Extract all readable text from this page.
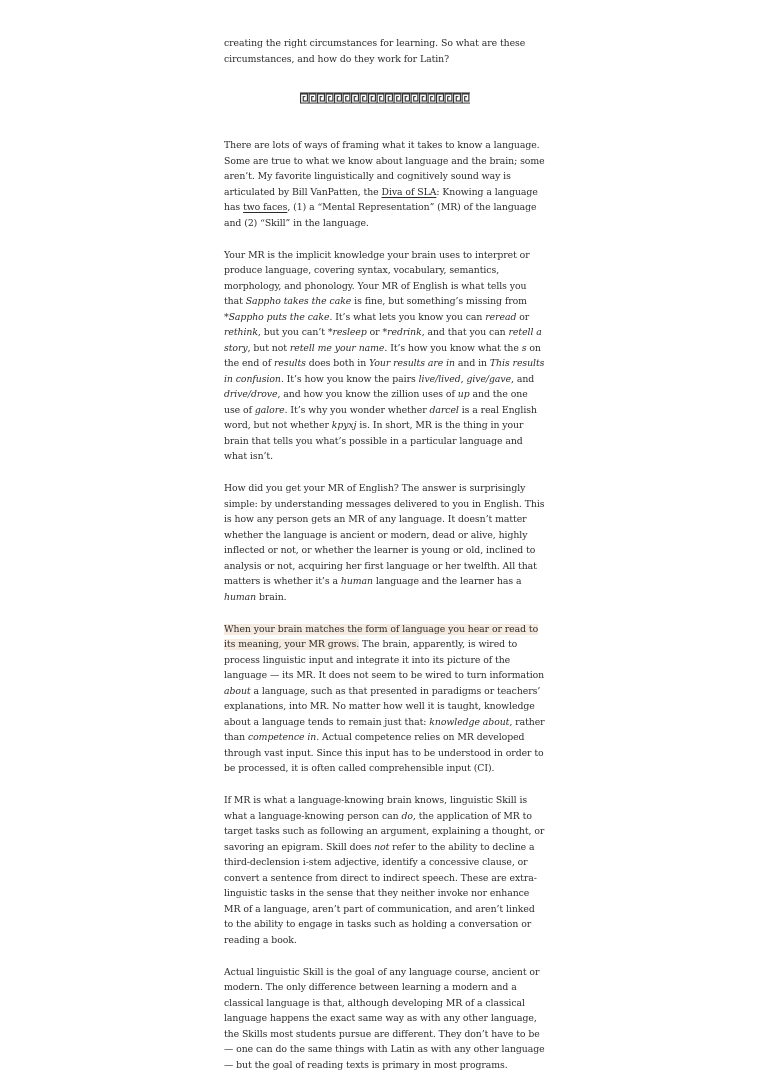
creating the right circumstances for learning. So what are these circumstances, and how do they work for Latin?

There are lots of ways of framing what it takes to know a language. Some are true to what we know about language and the brain; some aren’t. My favorite linguistically and cognitively sound way is articulated by Bill VanPatten, the Diva of SLA: Knowing a language has two faces, (1) a “Mental Representation” (MR) of the language and (2) “Skill” in the language.

Your MR is the implicit knowledge your brain uses to interpret or produce language, covering syntax, vocabulary, semantics, morphology, and phonology. Your MR of English is what tells you that Sappho takes the cake is fine, but something’s missing from *Sappho puts the cake. It’s what lets you know you can reread or rethink, but you can’t *resleep or *redrink, and that you can retell a story, but not retell me your name. It’s how you know what the s on the end of results does both in Your results are in and in This results in confusion. It’s how you know the pairs live/lived, give/gave, and drive/drove, and how you know the zillion uses of up and the one use of galore. It’s why you wonder whether darcel is a real English word, but not whether kpyxj is. In short, MR is the thing in your brain that tells you what’s possible in a particular language and what isn’t.

How did you get your MR of English? The answer is surprisingly simple: by understanding messages delivered to you in English. This is how any person gets an MR of any language. It doesn’t matter whether the language is ancient or modern, dead or alive, highly inflected or not, or whether the learner is young or old, inclined to analysis or not, acquiring her first language or her twelfth. All that matters is whether it’s a human language and the learner has a human brain.

When your brain matches the form of language you hear or read to its meaning, your MR grows. The brain, apparently, is wired to process linguistic input and integrate it into its picture of the language — its MR. It does not seem to be wired to turn information about a language, such as that presented in paradigms or teachers’ explanations, into MR. No matter how well it is taught, knowledge about a language tends to remain just that: knowledge about, rather than competence in. Actual competence relies on MR developed through vast input. Since this input has to be understood in order to be processed, it is often called comprehensible input (CI).

If MR is what a language-knowing brain knows, linguistic Skill is what a language-knowing person can do, the application of MR to target tasks such as following an argument, explaining a thought, or savoring an epigram. Skill does not refer to the ability to decline a third-declension i-stem adjective, identify a concessive clause, or convert a sentence from direct to indirect speech. These are extra-linguistic tasks in the sense that they neither invoke nor enhance MR of a language, aren’t part of communication, and aren’t linked to the ability to engage in tasks such as holding a conversation or reading a book.

Actual linguistic Skill is the goal of any language course, ancient or modern. The only difference between learning a modern and a classical language is that, although developing MR of a classical language happens the exact same way as with any other language, the Skills most students pursue are different. They don’t have to be — one can do the same things with Latin as with any other language — but the goal of reading texts is primary in most programs.
